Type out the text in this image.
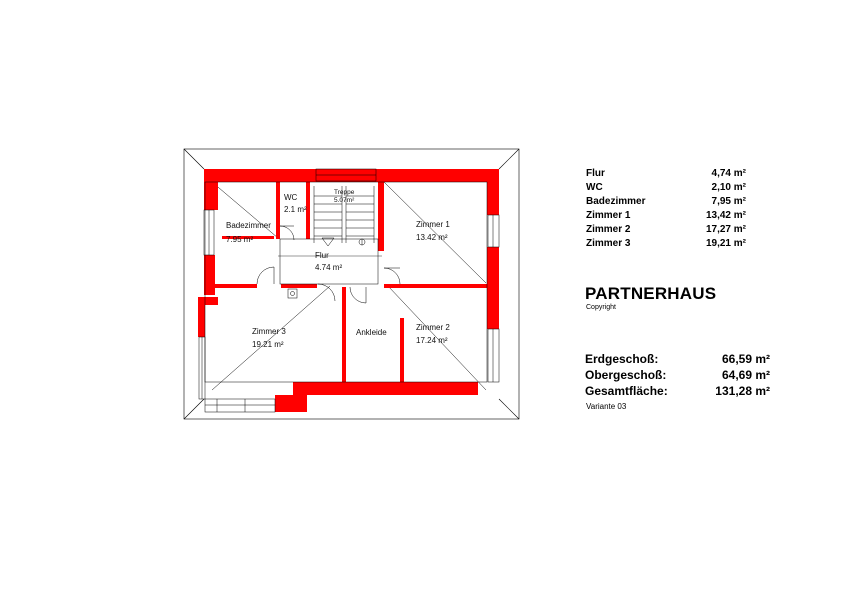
Badezimmer
7.95 m²
WC
2.1 m²
Treppe
5.07m²
Zimmer 1
13.42 m²
Flur
4.74 m²
Zimmer 3
19.21 m²
Ankleide
Zimmer 2
17.24 m²
Flur	4,74 m²
WC	2,10 m²
Badezimmer	7,95 m²
Zimmer 1	13,42 m²
Zimmer 2	17,27 m²
Zimmer 3	19,21 m²
PARTNERHAUS
Copyright
Erdgeschoß:	66,59 m²
Obergeschoß:	64,69 m²
Gesamtfläche:	131,28 m²
Variante 03
